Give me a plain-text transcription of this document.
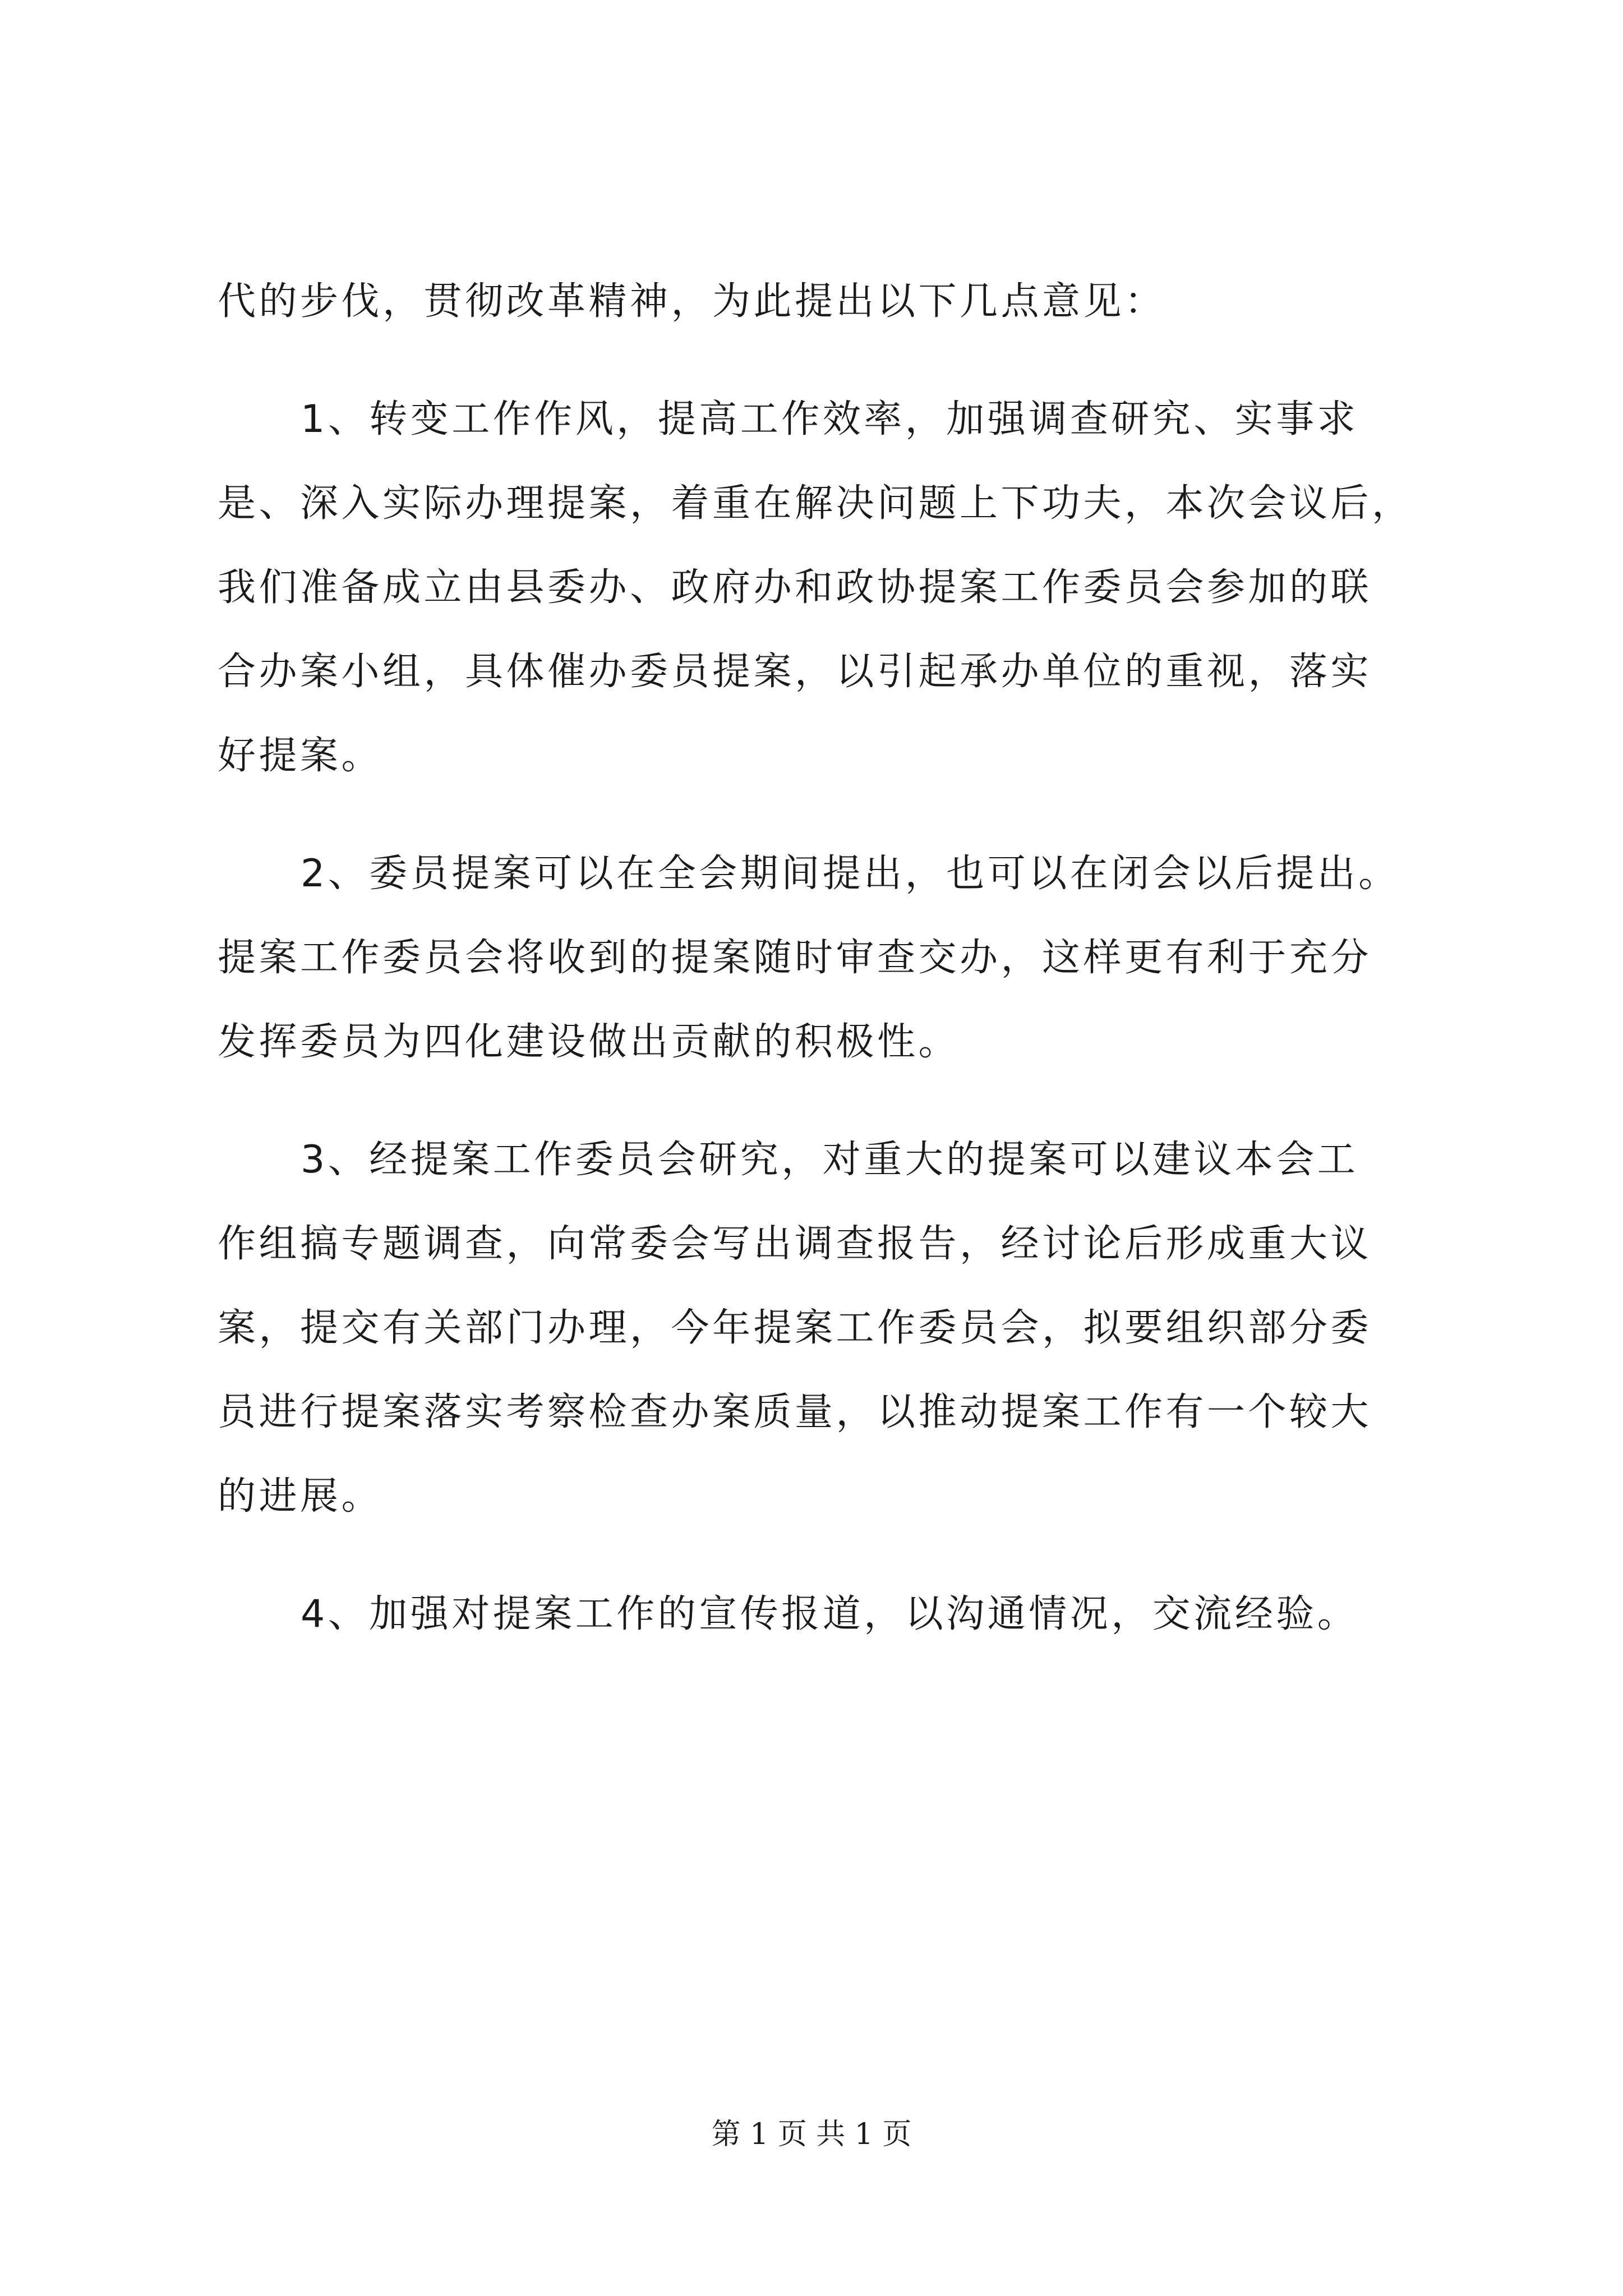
代的步伐，贯彻改革精神，为此提出以下几点意见：
1、转变工作作风，提高工作效率，加强调查研究、实事求
是、深入实际办理提案，着重在解决问题上下功夫，本次会议后，
我们准备成立由县委办、政府办和政协提案工作委员会参加的联
合办案小组，具体催办委员提案，以引起承办单位的重视，落实
好提案。
2、委员提案可以在全会期间提出，也可以在闭会以后提出。
提案工作委员会将收到的提案随时审查交办，这样更有利于充分
发挥委员为四化建设做出贡献的积极性。
3、经提案工作委员会研究，对重大的提案可以建议本会工
作组搞专题调查，向常委会写出调查报告，经讨论后形成重大议
案，提交有关部门办理，今年提案工作委员会，拟要组织部分委
员进行提案落实考察检查办案质量，以推动提案工作有一个较大
的进展。
4、加强对提案工作的宣传报道，以沟通情况，交流经验。
第 1 页 共 1 页
